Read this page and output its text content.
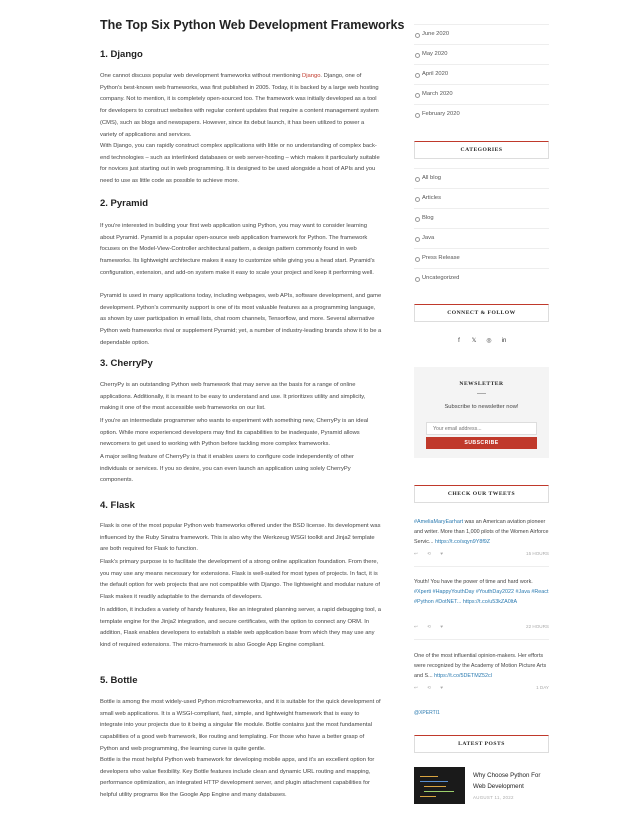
The Top Six Python Web Development Frameworks
1. Django
One cannot discuss popular web development frameworks without mentioning Django. Django, one of Python's best-known web frameworks, was first published in 2005. Today, it is backed by a large web hosting company. Not to mention, it is completely open-sourced too. The framework was initially developed as a tool for developers to construct websites with regular content updates that require a content management system (CMS), such as blogs and newspapers. However, since its debut launch, it has been utilized to power a variety of applications and services.
With Django, you can rapidly construct complex applications with little or no understanding of complex back-end technologies – such as interlinked databases or web server-hosting – which makes it particularly suitable for novices just starting out in web programming. It is designed to be used alongside a host of APIs and you need to use as little code as possible to achieve more.
2. Pyramid
If you're interested in building your first web application using Python, you may want to consider learning about Pyramid. Pyramid is a popular open-source web application framework for Python. The framework focuses on the Model-View-Controller architectural pattern, a design pattern commonly found in web frameworks. Its lightweight architecture makes it easy to customize while giving you a head start. Pyramid's configuration, extension, and add-on system make it easy to scale your project and keep it performing well.
Pyramid is used in many applications today, including webpages, web APIs, software development, and game development. Python's community support is one of its most valuable features as a programming language, as shown by user participation in email lists, chat room channels, Tensorflow, and more. Several alternative Python web frameworks rival or supplement Pyramid; yet, a number of industry-leading brands show it to be a dependable option.
3. CherryPy
CherryPy is an outstanding Python web framework that may serve as the basis for a range of online applications. Additionally, it is meant to be easy to understand and use. It prioritizes utility and simplicity, making it one of the most accessible web frameworks on our list.
If you're an intermediate programmer who wants to experiment with something new, CherryPy is an ideal option. While more experienced developers may find its capabilities to be inadequate, Pyramid allows newcomers to get used to working with Python before tackling more complex frameworks.
A major selling feature of CherryPy is that it enables users to configure code independently of other individuals or services. If you so desire, you can even launch an application using solely CherryPy components.
4. Flask
Flask is one of the most popular Python web frameworks offered under the BSD license. Its development was influenced by the Ruby Sinatra framework. This is also why the Werkzeug WSGI toolkit and Jinja2 template are both required for Flask to function.
Flask's primary purpose is to facilitate the development of a strong online application foundation. From there, you may use any means necessary for extensions. Flask is well-suited for most types of projects. In fact, it is the default option for web projects that are not compatible with Django. The lightweight and modular nature of Flask makes it readily adaptable to the demands of developers.
In addition, it includes a variety of handy features, like an integrated planning server, a rapid debugging tool, a template engine for the Jinja2 integration, and secure certificates, with the option to connect any ORM. In addition, Flask enables developers to establish a stable web application base from which they may use any kind of required extensions. The micro-framework is also Google App Engine compliant.
5. Bottle
Bottle is among the most widely-used Python microframeworks, and it is suitable for the quick development of small web applications. It is a WSGI-compliant, fast, simple, and lightweight framework that is easy to integrate into your projects due to it being a singular file module. Bottle contains just the most fundamental capabilities of a good web framework, like routing and templating. For those who have a better grasp of Python and web programming, the learning curve is quite gentle.
Bottle is the most helpful Python web framework for developing mobile apps, and it's an excellent option for developers who value flexibility. Key Bottle features include clean and dynamic URL routing and mapping, performance optimization, an integrated HTTP development server, and plugin attachment capabilities for helpful utility programs like the Google App Engine and many databases.
June 2020
May 2020
April 2020
March 2020
February 2020
CATEGORIES
All blog
Articles
Blog
Java
Press Release
Uncategorized
CONNECT & FOLLOW
f 𝕏 ◎ in
NEWSLETTER
Subscribe to newsletter now!
Your email address...
SUBSCRIBE
CHECK OUR TWEETS
#AmeliaMaryEarhart was an American aviation pioneer and writer. More than 1,000 pilots of the Women Airforce Servic... https://t.co/sqyn9Y8f9Z
↩ ⟲ ♥	15 HOURS
Youth! You have the power of time and hard work. #Xperti #HappyYouthDay #YouthDay2022 #Java #React #Python #DotNET... https://t.co/u53kZA0ltA
↩ ⟲ ♥	22 HOURS
One of the most influential opinion-makers. Her efforts were recognized by the Academy of Motion Picture Arts and S... https://t.co/5DETMZ52cl
↩ ⟲ ♥	1 DAY
@XPERTI1
LATEST POSTS
Why Choose Python For Web Development
AUGUST 11, 2022
